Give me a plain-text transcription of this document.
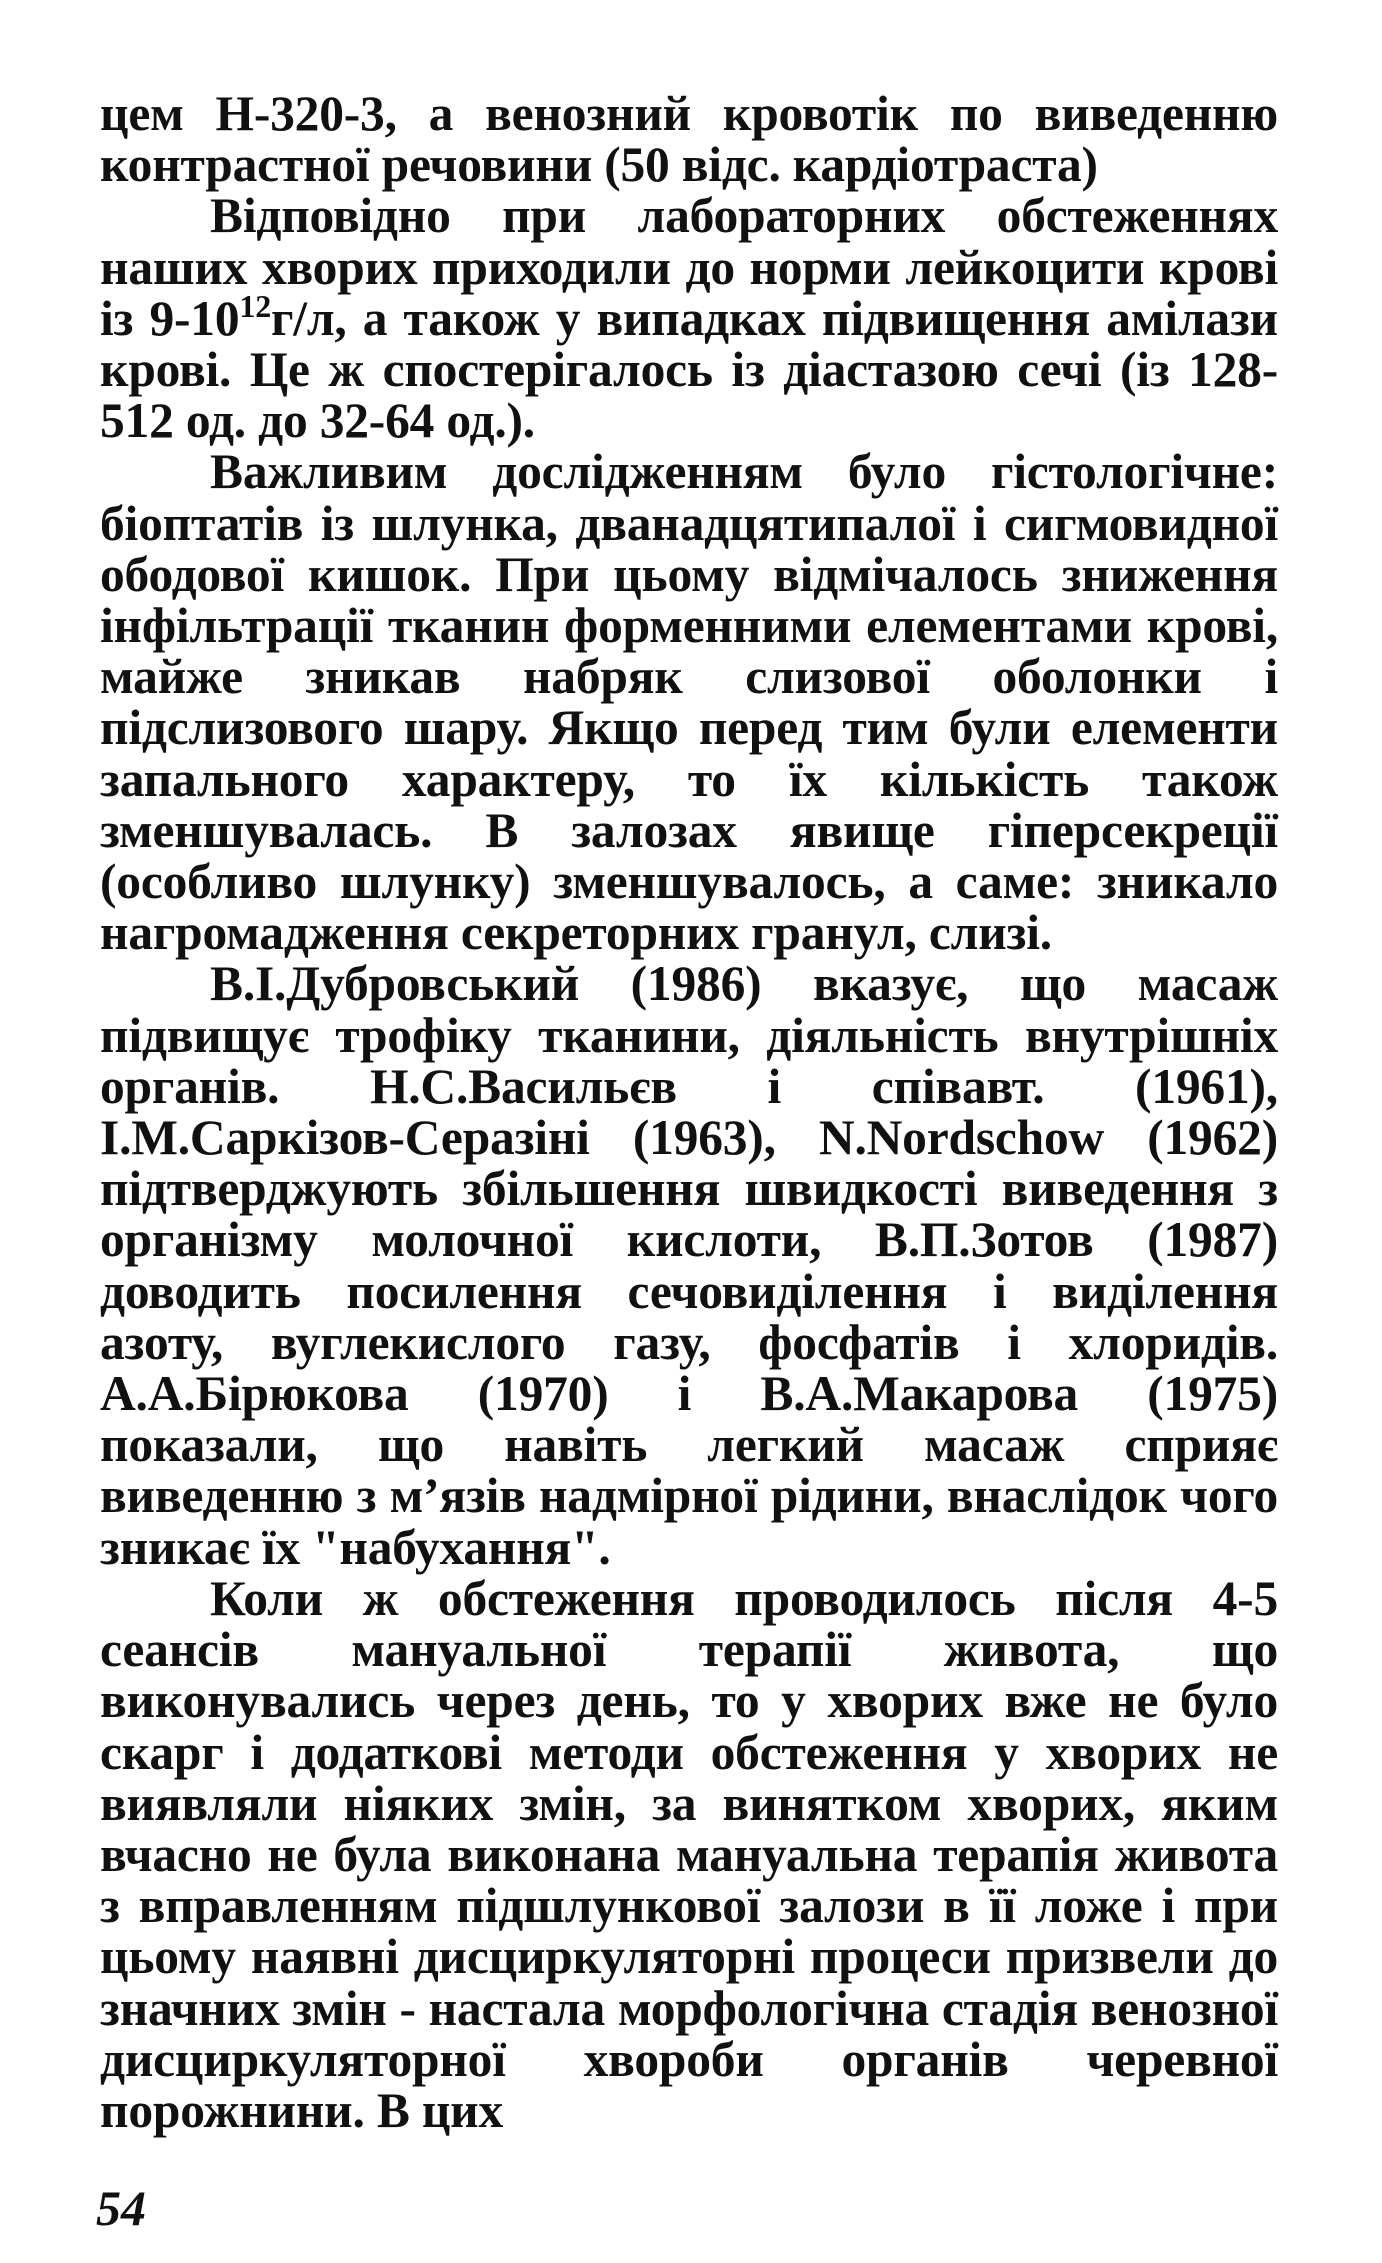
цем Н-320-3, а венозний кровотік по виведенню контрастної речовини (50 відс. кардіотраста)

Відповідно при лабораторних обстеженнях наших хворих приходили до норми лейкоцити крові із $9-10^{12}г/л$, а також у випадках підвищення амілази крові. Це ж спостерігалось із діастазою сечі (із 128-512 од. до 32-64 од.).

Важливим дослідженням було гістологічне: біоптатів із шлунка, дванадцятипалої і сигмовидної ободової кишок. При цьому відмічалось зниження інфільтрації тканин форменними елементами крові, майже зникав набряк слизової оболонки і підслизового шару. Якщо перед тим були елементи запального характеру, то їх кількість також зменшувалась. В залозах явище гіперсекреції (особливо шлунку) зменшувалось, а саме: зникало нагромадження секреторних гранул, слизі.

В.І.Дубровський (1986) вказує, що масаж підвищує трофіку тканини, діяльність внутрішніх органів. Н.С.Васильєв і співавт. (1961), І.М.Саркізов-Серазіні (1963), N.Nordschow (1962) підтверджують збільшення швидкості виведення з організму молочної кислоти, В.П.Зотов (1987) доводить посилення сечовиділення і виділення азоту, вуглекислого газу, фосфатів і хлоридів. А.А.Бірюкова (1970) і В.А.Макарова (1975) показали, що навіть легкий масаж сприяє виведенню з м’язів надмірної рідини, внаслідок чого зникає їх "набухання".

Коли ж обстеження проводилось після 4-5 сеансів мануальної терапії живота, що виконувались через день, то у хворих вже не було скарг і додаткові методи обстеження у хворих не виявляли ніяких змін, за винятком хворих, яким вчасно не була виконана мануальна терапія живота з вправленням підшлункової залози в її ложе і при цьому наявні дисциркуляторні процеси призвели до значних змін - настала морфологічна стадія венозної дисциркуляторної хвороби органів черевної порожнини. В цих

54
